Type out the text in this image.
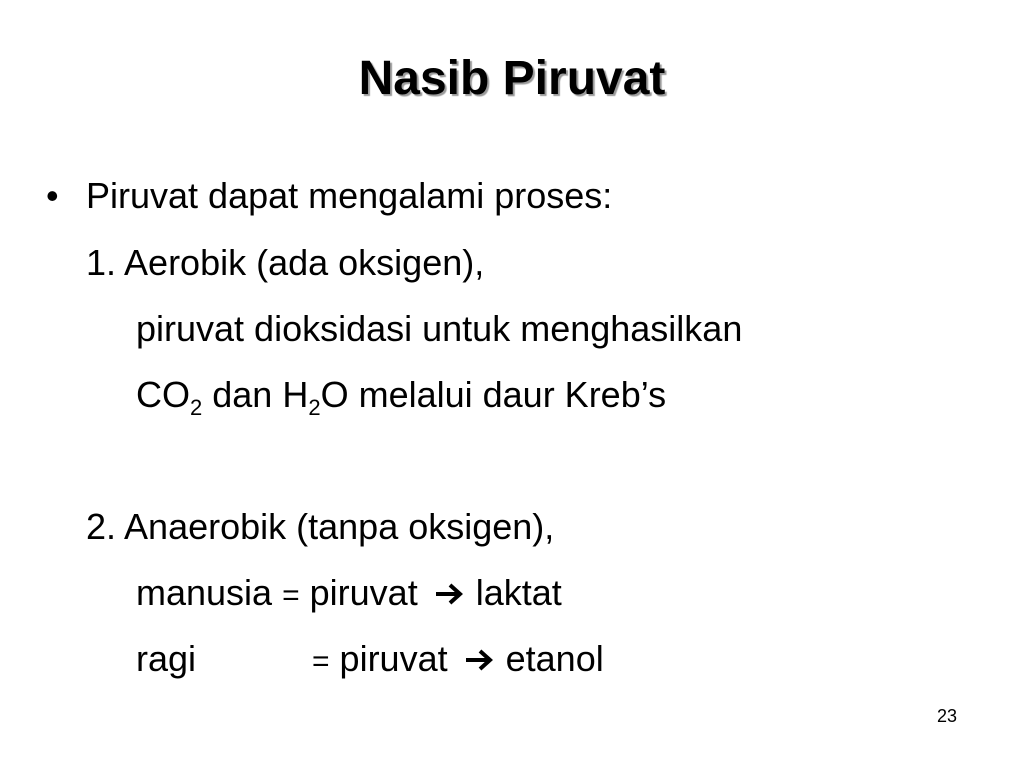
Nasib Piruvat
• Piruvat dapat mengalami proses:
1. Aerobik (ada oksigen),
piruvat dioksidasi untuk menghasilkan
$CO_2$ dan $H_2O$ melalui daur Kreb’s
2. Anaerobik (tanpa oksigen),
manusia = piruvat laktat
ragi	= piruvat etanol
23
